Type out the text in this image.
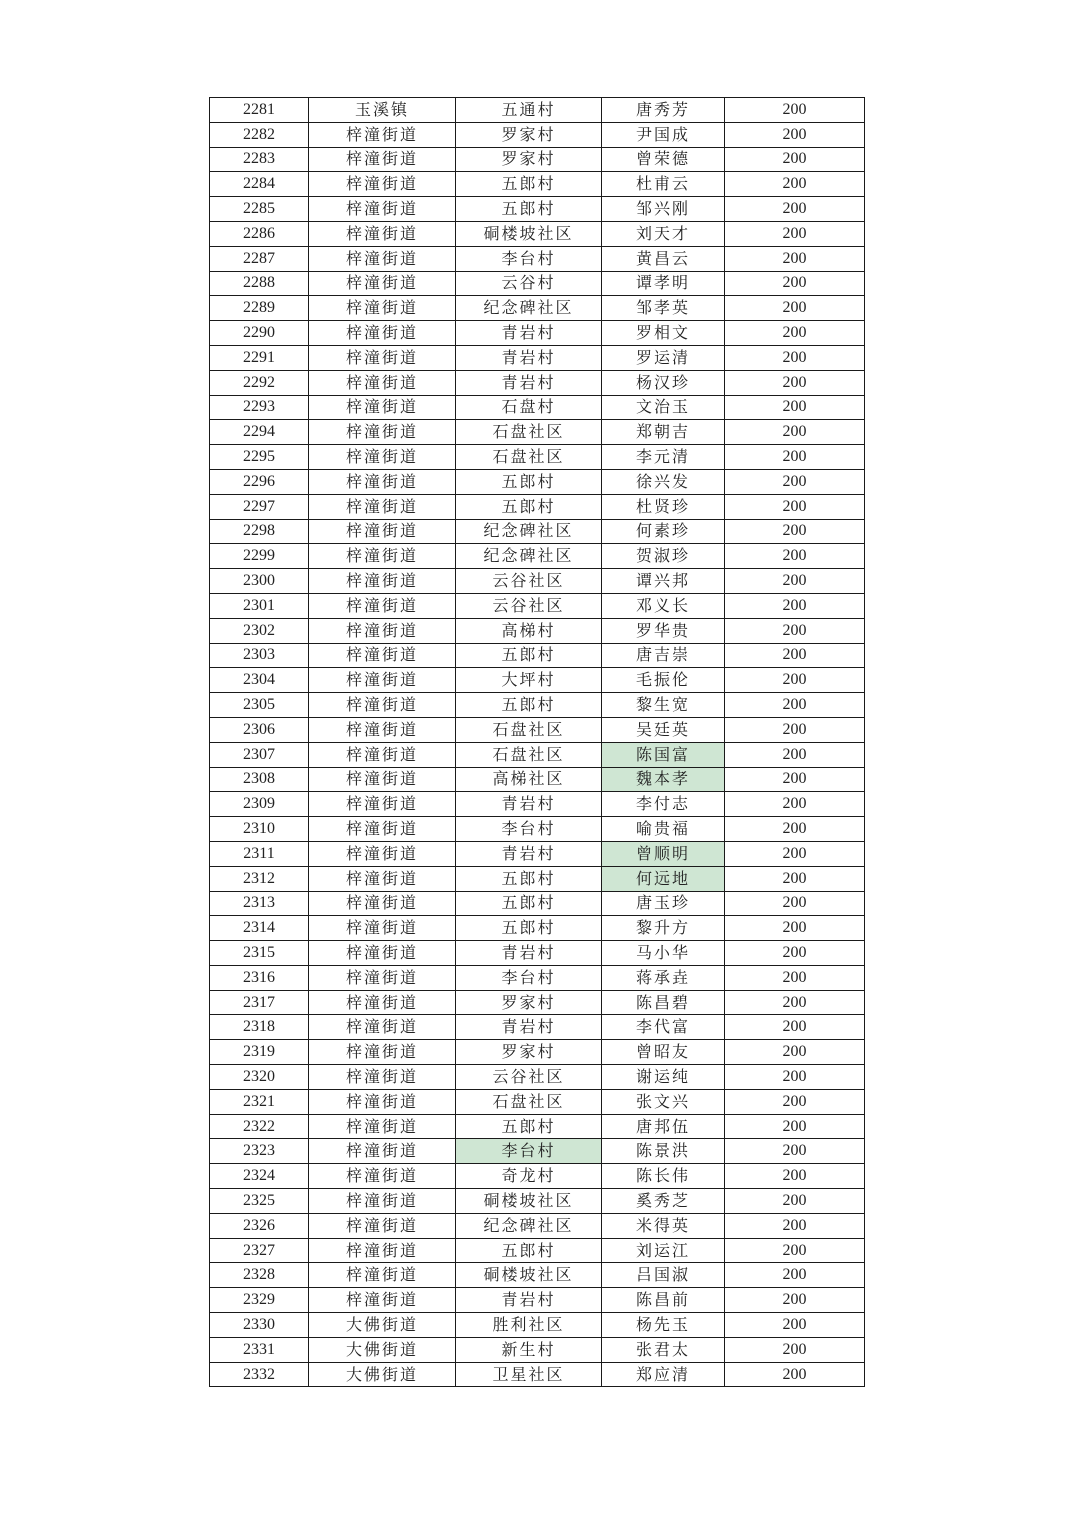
2281	玉溪镇	五通村	唐秀芳	200
2282	梓潼街道	罗家村	尹国成	200
2283	梓潼街道	罗家村	曾荣德	200
2284	梓潼街道	五郎村	杜甫云	200
2285	梓潼街道	五郎村	邹兴刚	200
2286	梓潼街道	硐楼坡社区	刘天才	200
2287	梓潼街道	李台村	黄昌云	200
2288	梓潼街道	云谷村	谭孝明	200
2289	梓潼街道	纪念碑社区	邹孝英	200
2290	梓潼街道	青岩村	罗相文	200
2291	梓潼街道	青岩村	罗运清	200
2292	梓潼街道	青岩村	杨汉珍	200
2293	梓潼街道	石盘村	文治玉	200
2294	梓潼街道	石盘社区	郑朝吉	200
2295	梓潼街道	石盘社区	李元清	200
2296	梓潼街道	五郎村	徐兴发	200
2297	梓潼街道	五郎村	杜贤珍	200
2298	梓潼街道	纪念碑社区	何素珍	200
2299	梓潼街道	纪念碑社区	贺淑珍	200
2300	梓潼街道	云谷社区	谭兴邦	200
2301	梓潼街道	云谷社区	邓义长	200
2302	梓潼街道	高梯村	罗华贵	200
2303	梓潼街道	五郎村	唐吉崇	200
2304	梓潼街道	大坪村	毛振伦	200
2305	梓潼街道	五郎村	黎生宽	200
2306	梓潼街道	石盘社区	吴廷英	200
2307	梓潼街道	石盘社区	陈国富	200
2308	梓潼街道	高梯社区	魏本孝	200
2309	梓潼街道	青岩村	李付志	200
2310	梓潼街道	李台村	喻贵福	200
2311	梓潼街道	青岩村	曾顺明	200
2312	梓潼街道	五郎村	何远地	200
2313	梓潼街道	五郎村	唐玉珍	200
2314	梓潼街道	五郎村	黎升方	200
2315	梓潼街道	青岩村	马小华	200
2316	梓潼街道	李台村	蒋承垚	200
2317	梓潼街道	罗家村	陈昌碧	200
2318	梓潼街道	青岩村	李代富	200
2319	梓潼街道	罗家村	曾昭友	200
2320	梓潼街道	云谷社区	谢运纯	200
2321	梓潼街道	石盘社区	张文兴	200
2322	梓潼街道	五郎村	唐邦伍	200
2323	梓潼街道	李台村	陈景洪	200
2324	梓潼街道	奇龙村	陈长伟	200
2325	梓潼街道	硐楼坡社区	奚秀芝	200
2326	梓潼街道	纪念碑社区	米得英	200
2327	梓潼街道	五郎村	刘运江	200
2328	梓潼街道	硐楼坡社区	吕国淑	200
2329	梓潼街道	青岩村	陈昌前	200
2330	大佛街道	胜利社区	杨先玉	200
2331	大佛街道	新生村	张君太	200
2332	大佛街道	卫星社区	郑应清	200
